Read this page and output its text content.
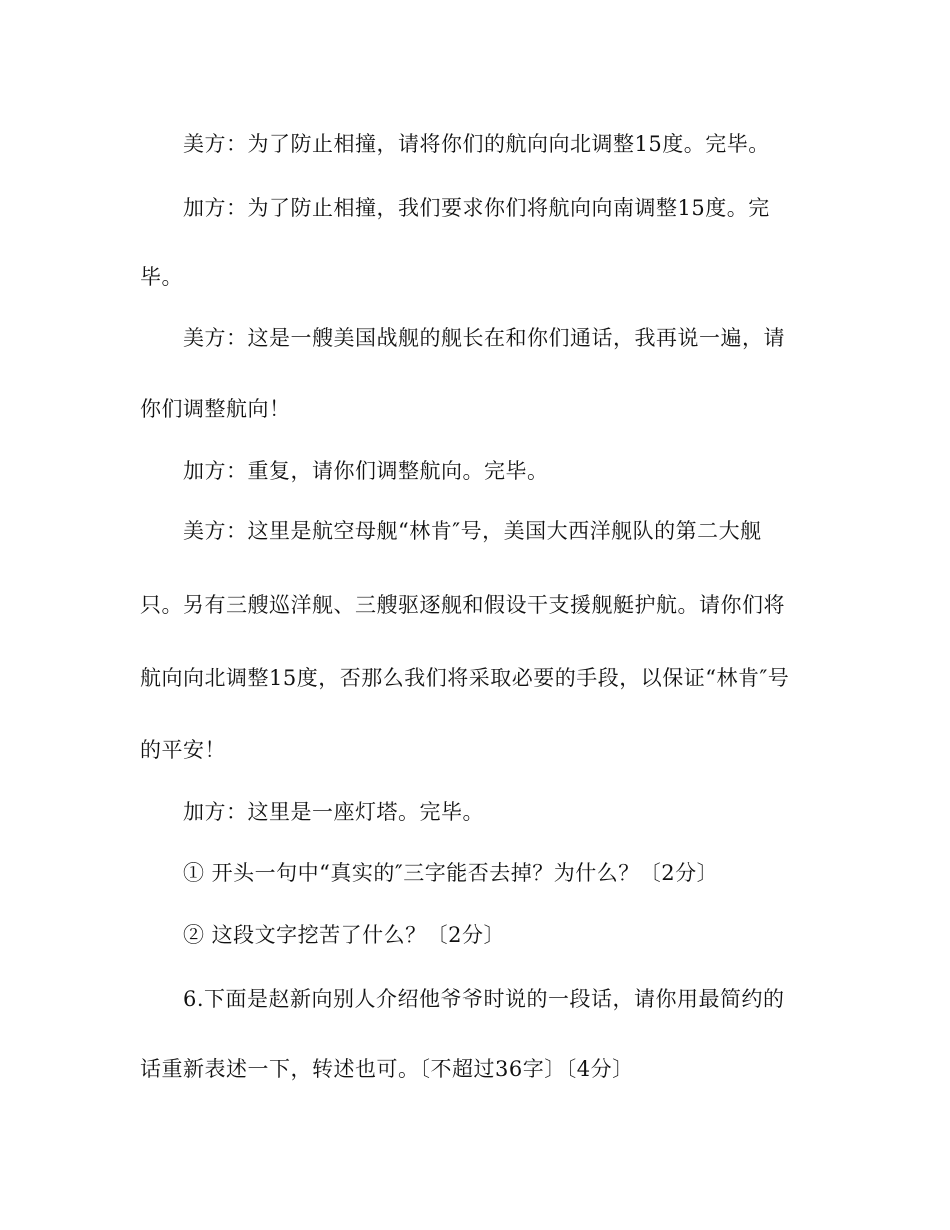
美方：为了防止相撞，请将你们的航向向北调整15度。完毕。
加方：为了防止相撞，我们要求你们将航向向南调整15度。完
毕。
美方：这是一艘美国战舰的舰长在和你们通话，我再说一遍，请
你们调整航向！
加方：重复，请你们调整航向。完毕。
美方：这里是航空母舰“林肯″号，美国大西洋舰队的第二大舰
只。另有三艘巡洋舰、三艘驱逐舰和假设干支援舰艇护航。请你们将
航向向北调整15度，否那么我们将采取必要的手段，以保证“林肯″号
的平安！
加方：这里是一座灯塔。完毕。
① 开头一句中“真实的″三字能否去掉？为什么？〔2分〕
② 这段文字挖苦了什么？〔2分〕
6.下面是赵新向别人介绍他爷爷时说的一段话，请你用最简约的
话重新表述一下，转述也可。〔不超过36字〕〔4分〕
